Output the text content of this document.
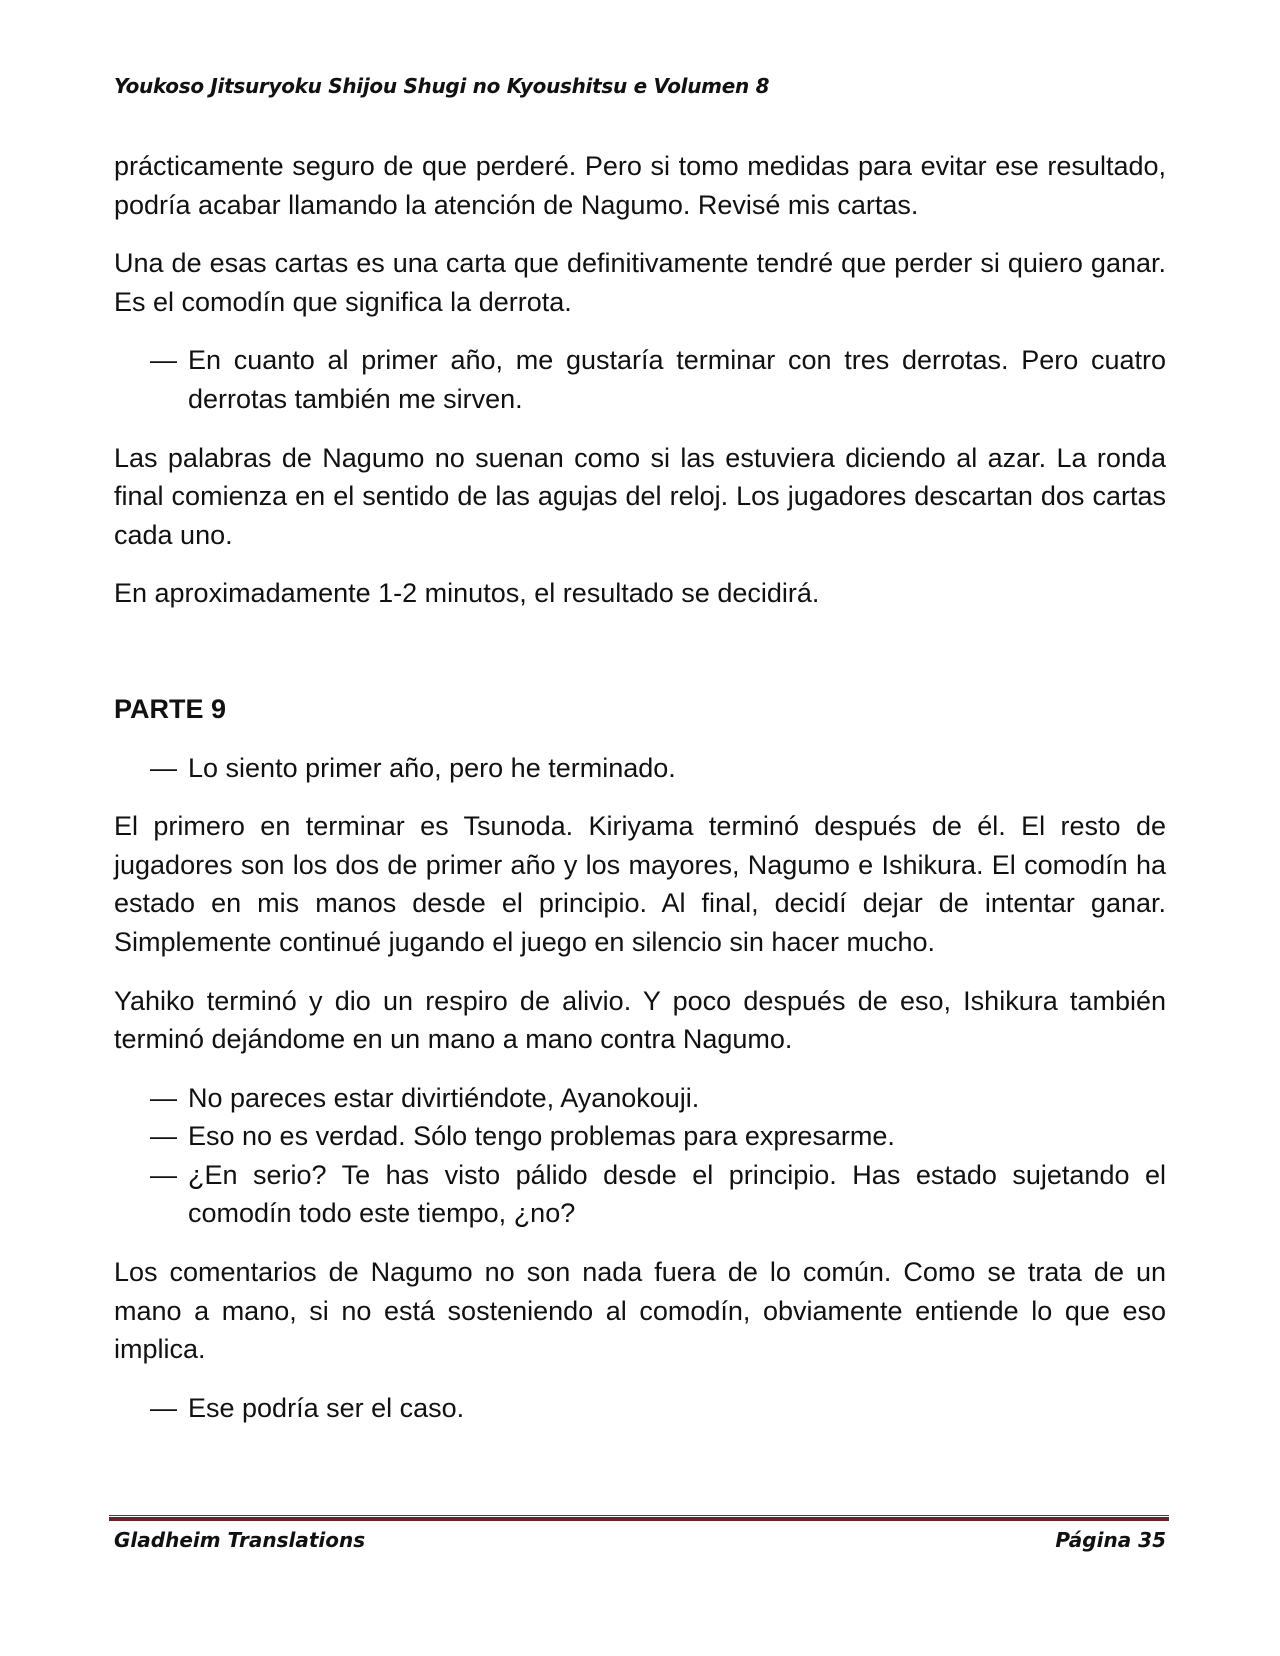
Youkoso Jitsuryoku Shijou Shugi no Kyoushitsu e Volumen 8

prácticamente seguro de que perderé. Pero si tomo medidas para evitar ese resultado, podría acabar llamando la atención de Nagumo. Revisé mis cartas.

Una de esas cartas es una carta que definitivamente tendré que perder si quiero ganar. Es el comodín que significa la derrota.

— En cuanto al primer año, me gustaría terminar con tres derrotas. Pero cuatro derrotas también me sirven.

Las palabras de Nagumo no suenan como si las estuviera diciendo al azar. La ronda final comienza en el sentido de las agujas del reloj. Los jugadores descartan dos cartas cada uno.

En aproximadamente 1-2 minutos, el resultado se decidirá.

PARTE 9

— Lo siento primer año, pero he terminado.

El primero en terminar es Tsunoda. Kiriyama terminó después de él. El resto de jugadores son los dos de primer año y los mayores, Nagumo e Ishikura. El comodín ha estado en mis manos desde el principio. Al final, decidí dejar de intentar ganar. Simplemente continué jugando el juego en silencio sin hacer mucho.

Yahiko terminó y dio un respiro de alivio. Y poco después de eso, Ishikura también terminó dejándome en un mano a mano contra Nagumo.

— No pareces estar divirtiéndote, Ayanokouji.

— Eso no es verdad. Sólo tengo problemas para expresarme.

— ¿En serio? Te has visto pálido desde el principio. Has estado sujetando el comodín todo este tiempo, ¿no?

Los comentarios de Nagumo no son nada fuera de lo común. Como se trata de un mano a mano, si no está sosteniendo al comodín, obviamente entiende lo que eso implica.

— Ese podría ser el caso.

Gladheim Translations	Página 35
